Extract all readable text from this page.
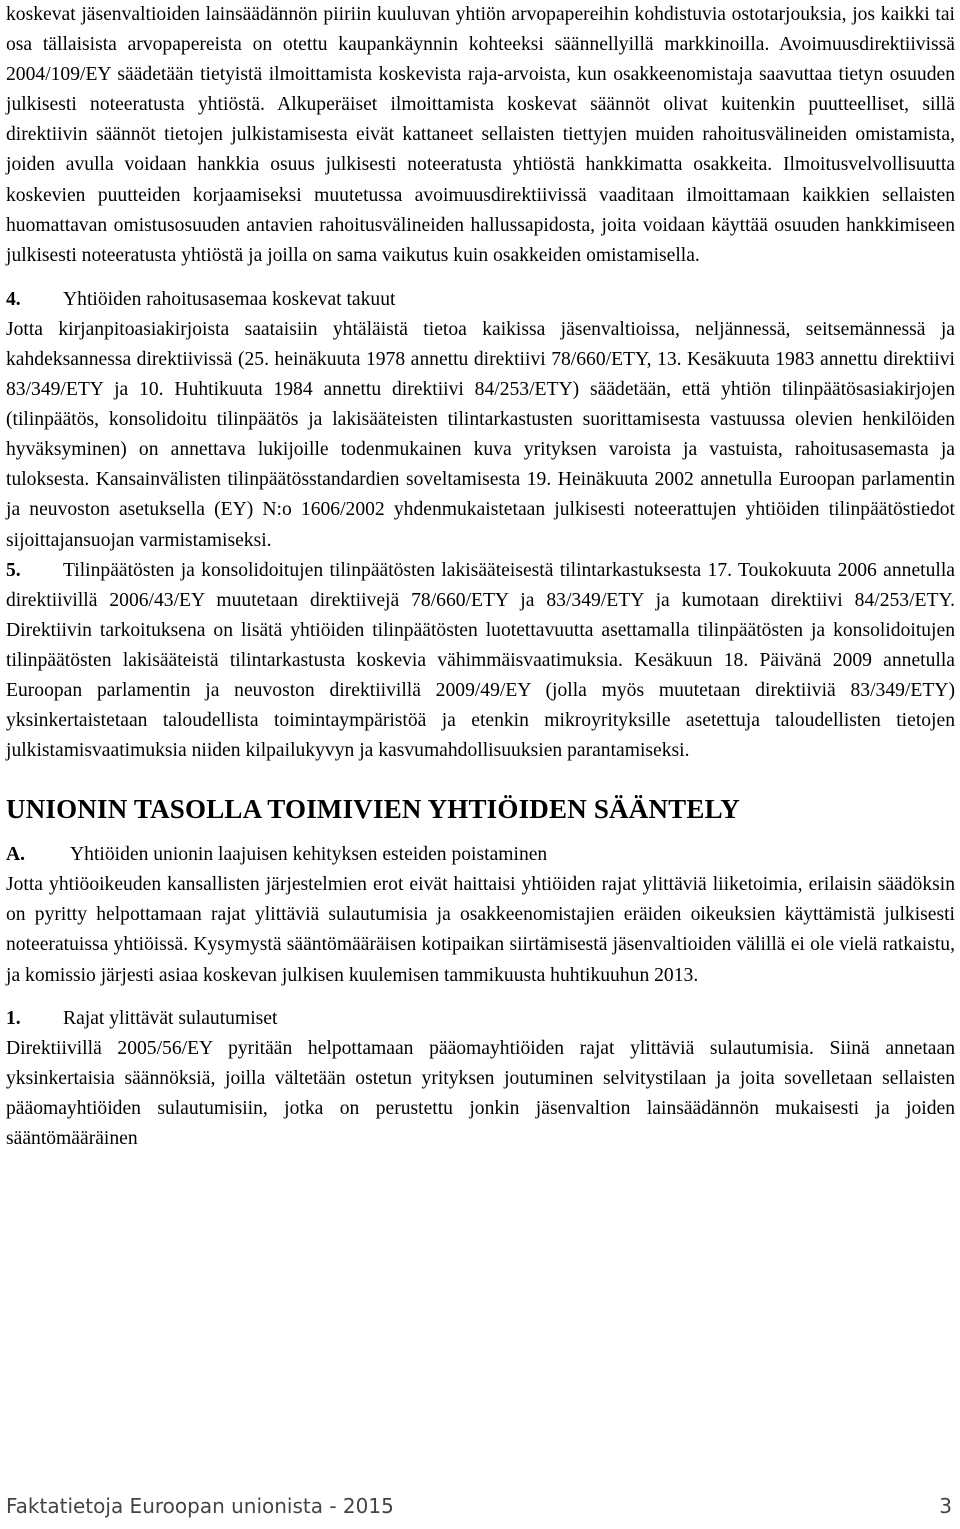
koskevat jäsenvaltioiden lainsäädännön piiriin kuuluvan yhtiön arvopapereihin kohdistuvia ostotarjouksia, jos kaikki tai osa tällaisista arvopapereista on otettu kaupankäynnin kohteeksi säännellyillä markkinoilla. Avoimuusdirektiivissä 2004/109/EY säädetään tietyistä ilmoittamista koskevista raja-arvoista, kun osakkeenomistaja saavuttaa tietyn osuuden julkisesti noteeratusta yhtiöstä. Alkuperäiset ilmoittamista koskevat säännöt olivat kuitenkin puutteelliset, sillä direktiivin säännöt tietojen julkistamisesta eivät kattaneet sellaisten tiettyjen muiden rahoitusvälineiden omistamista, joiden avulla voidaan hankkia osuus julkisesti noteeratusta yhtiöstä hankkimatta osakkeita. Ilmoitusvelvollisuutta koskevien puutteiden korjaamiseksi muutetussa avoimuusdirektiivissä vaaditaan ilmoittamaan kaikkien sellaisten huomattavan omistusosuuden antavien rahoitusvälineiden hallussapidosta, joita voidaan käyttää osuuden hankkimiseen julkisesti noteeratusta yhtiöstä ja joilla on sama vaikutus kuin osakkeiden omistamisella.

4. Yhtiöiden rahoitusasemaa koskevat takuut

Jotta kirjanpitoasiakirjoista saataisiin yhtäläistä tietoa kaikissa jäsenvaltioissa, neljännessä, seitsemännessä ja kahdeksannessa direktiivissä (25. heinäkuuta 1978 annettu direktiivi 78/660/ETY, 13. Kesäkuuta 1983 annettu direktiivi 83/349/ETY ja 10. Huhtikuuta 1984 annettu direktiivi 84/253/ETY) säädetään, että yhtiön tilinpäätösasiakirjojen (tilinpäätös, konsolidoitu tilinpäätös ja lakisääteisten tilintarkastusten suorittamisesta vastuussa olevien henkilöiden hyväksyminen) on annettava lukijoille todenmukainen kuva yrityksen varoista ja vastuista, rahoitusasemasta ja tuloksesta. Kansainvälisten tilinpäätösstandardien soveltamisesta 19. Heinäkuuta 2002 annetulla Euroopan parlamentin ja neuvoston asetuksella (EY) N:o 1606/2002 yhdenmukaistetaan julkisesti noteerattujen yhtiöiden tilinpäätöstiedot sijoittajansuojan varmistamiseksi.

5. Tilinpäätösten ja konsolidoitujen tilinpäätösten lakisääteisestä tilintarkastuksesta 17. Toukokuuta 2006 annetulla direktiivillä 2006/43/EY muutetaan direktiivejä 78/660/ETY ja 83/349/ETY ja kumotaan direktiivi 84/253/ETY. Direktiivin tarkoituksena on lisätä yhtiöiden tilinpäätösten luotettavuutta asettamalla tilinpäätösten ja konsolidoitujen tilinpäätösten lakisääteistä tilintarkastusta koskevia vähimmäisvaatimuksia. Kesäkuun 18. Päivänä 2009 annetulla Euroopan parlamentin ja neuvoston direktiivillä 2009/49/EY (jolla myös muutetaan direktiiviä 83/349/ETY) yksinkertaistetaan taloudellista toimintaympäristöä ja etenkin mikroyrityksille asetettuja taloudellisten tietojen julkistamisvaatimuksia niiden kilpailukyvyn ja kasvumahdollisuuksien parantamiseksi.

UNIONIN TASOLLA TOIMIVIEN YHTIÖIDEN SÄÄNTELY
A. Yhtiöiden unionin laajuisen kehityksen esteiden poistaminen

Jotta yhtiöoikeuden kansallisten järjestelmien erot eivät haittaisi yhtiöiden rajat ylittäviä liiketoimia, erilaisin säädöksin on pyritty helpottamaan rajat ylittäviä sulautumisia ja osakkeenomistajien eräiden oikeuksien käyttämistä julkisesti noteeratuissa yhtiöissä. Kysymystä sääntömääräisen kotipaikan siirtämisestä jäsenvaltioiden välillä ei ole vielä ratkaistu, ja komissio järjesti asiaa koskevan julkisen kuulemisen tammikuusta huhtikuuhun 2013.

1. Rajat ylittävät sulautumiset

Direktiivillä 2005/56/EY pyritään helpottamaan pääomayhtiöiden rajat ylittäviä sulautumisia. Siinä annetaan yksinkertaisia säännöksiä, joilla vältetään ostetun yrityksen joutuminen selvitystilaan ja joita sovelletaan sellaisten pääomayhtiöiden sulautumisiin, jotka on perustettu jonkin jäsenvaltion lainsäädännön mukaisesti ja joiden sääntömääräinen

Faktatietoja Euroopan unionista - 2015	3
